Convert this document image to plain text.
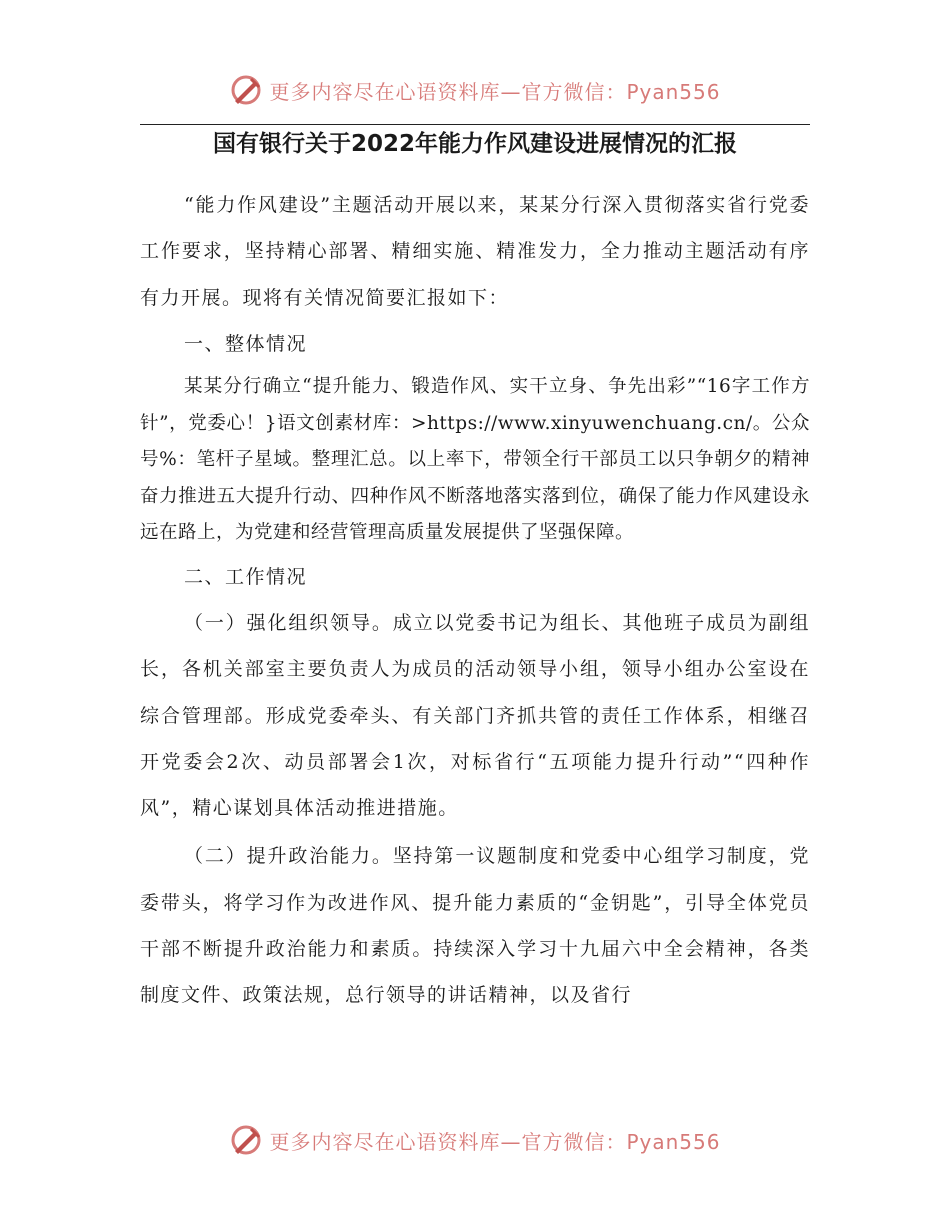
更多内容尽在心语资料库—官方微信：Pyan556
国有银行关于2022年能力作风建设进展情况的汇报

“能力作风建设”主题活动开展以来，某某分行深入贯彻落实省行党委工作要求，坚持精心部署、精细实施、精准发力，全力推动主题活动有序有力开展。现将有关情况简要汇报如下：

一、整体情况

某某分行确立“提升能力、锻造作风、实干立身、争先出彩”“16字工作方针”，党委心！}语文创素材库：>https://www.xinyuwenchuang.cn/。公众号%：笔杆子星域。整理汇总。以上率下，带领全行干部员工以只争朝夕的精神奋力推进五大提升行动、四种作风不断落地落实落到位，确保了能力作风建设永远在路上，为党建和经营管理高质量发展提供了坚强保障。

二、工作情况

（一）强化组织领导。成立以党委书记为组长、其他班子成员为副组长，各机关部室主要负责人为成员的活动领导小组，领导小组办公室设在综合管理部。形成党委牵头、有关部门齐抓共管的责任工作体系，相继召开党委会2次、动员部署会1次，对标省行“五项能力提升行动”“四种作风”，精心谋划具体活动推进措施。

（二）提升政治能力。坚持第一议题制度和党委中心组学习制度，党委带头，将学习作为改进作风、提升能力素质的“金钥匙”，引导全体党员干部不断提升政治能力和素质。持续深入学习十九届六中全会精神，各类制度文件、政策法规，总行领导的讲话精神，以及省行

更多内容尽在心语资料库—官方微信：Pyan556
